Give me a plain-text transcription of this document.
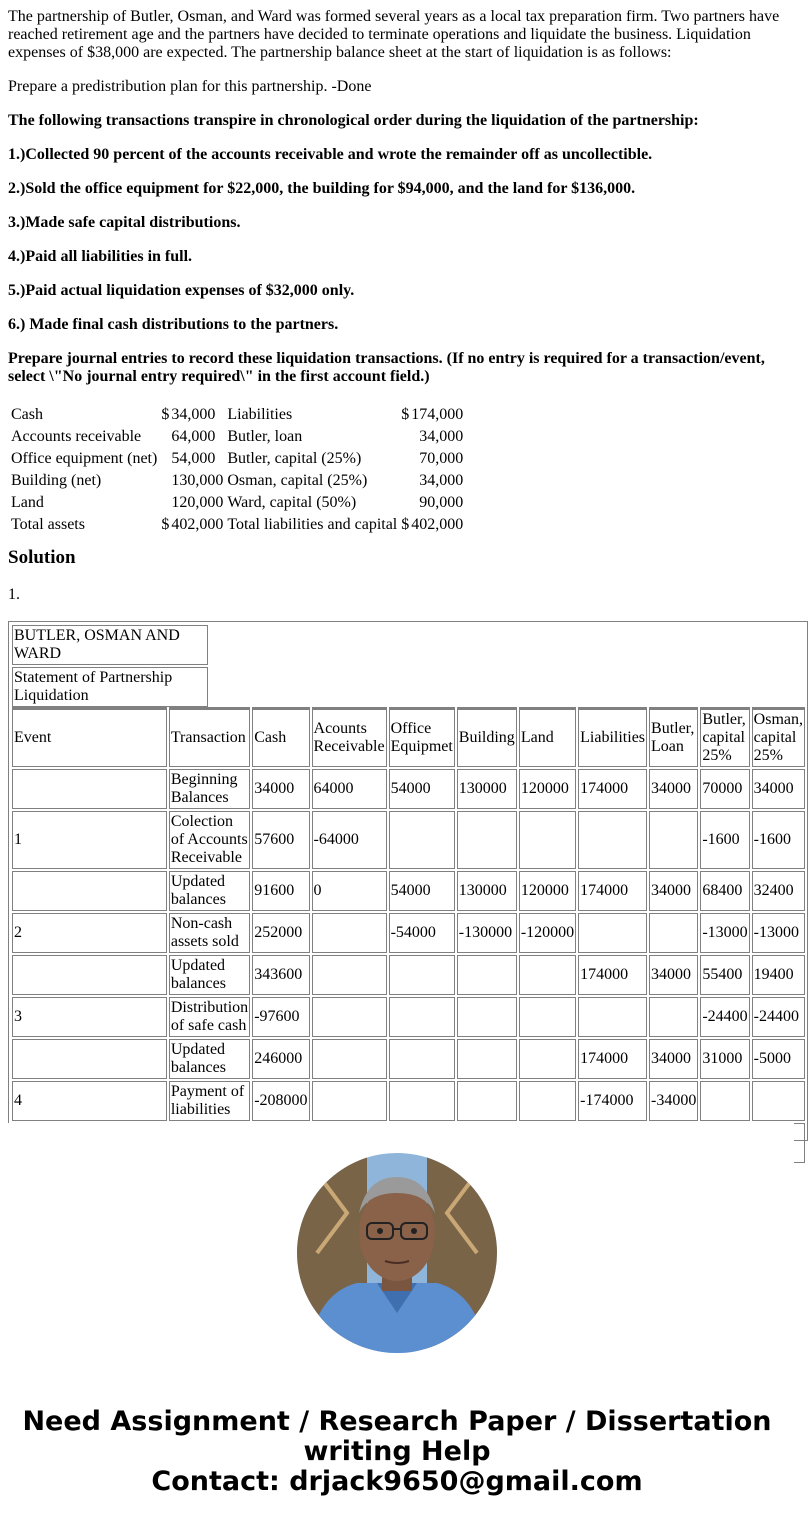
The partnership of Butler, Osman, and Ward was formed several years as a local tax preparation firm. Two partners have reached retirement age and the partners have decided to terminate operations and liquidate the business. Liquidation expenses of $38,000 are expected. The partnership balance sheet at the start of liquidation is as follows:

Prepare a predistribution plan for this partnership. -Done

The following transactions transpire in chronological order during the liquidation of the partnership:

1.)Collected 90 percent of the accounts receivable and wrote the remainder off as uncollectible.

2.)Sold the office equipment for $22,000, the building for $94,000, and the land for $136,000.

3.)Made safe capital distributions.

4.)Paid all liabilities in full.

5.)Paid actual liquidation expenses of $32,000 only.

6.) Made final cash distributions to the partners.

Prepare journal entries to record these liquidation transactions. (If no entry is required for a transaction/event, select \"No journal entry required\" in the first account field.)

Cash	$	34,000	Liabilities	$	174,000
Accounts receivable		64,000	Butler, loan		34,000
Office equipment (net)		54,000	Butler, capital (25%)		70,000
Building (net)		130,000	Osman, capital (25%)		34,000
Land		120,000	Ward, capital (50%)		90,000
Total assets	$	402,000	Total liabilities and capital	$	402,000
Solution

1.

BUTLER, OSMAN AND WARD
Statement of Partnership Liquidation
Event	Transaction	Cash	Acounts Receivable	Office Equipmet	Building	Land	Liabilities	Butler, Loan	Butler, capital 25%	Osman, capital 25%
	Beginning Balances	34000	64000	54000	130000	120000	174000	34000	70000	34000
1	Colection of Accounts Receivable	57600	-64000						-1600	-1600
	Updated balances	91600	0	54000	130000	120000	174000	34000	68400	32400
2	Non-cash assets sold	252000		-54000	-130000	-120000			-13000	-13000
	Updated balances	343600					174000	34000	55400	19400
3	Distribution of safe cash	-97600							-24400	-24400
	Updated balances	246000					174000	34000	31000	-5000
4	Payment of liabilities	-208000					-174000	-34000		

Need Assignment / Research Paper / Dissertation
writing Help
Contact: drjack9650@gmail.com
